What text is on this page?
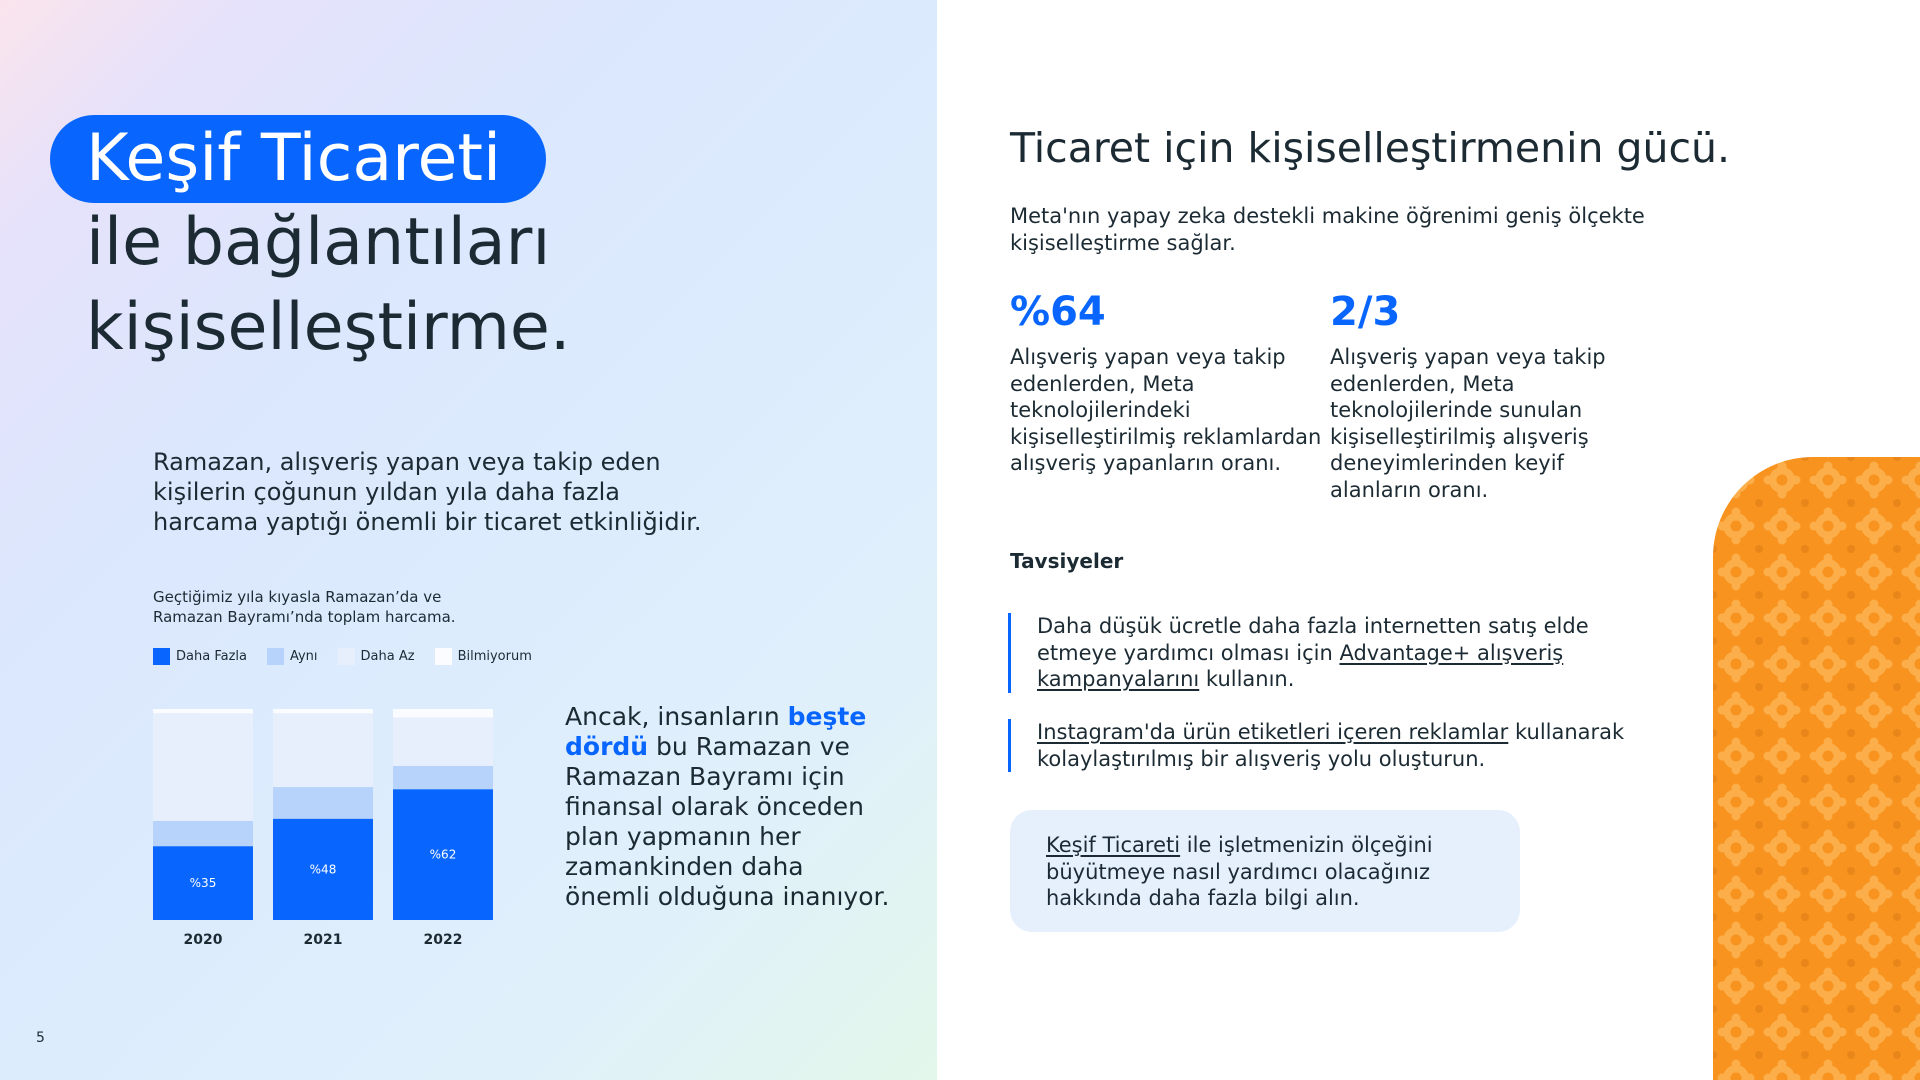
Keşif Ticareti
ile bağlantıları
kişiselleştirme.
Ramazan, alışveriş yapan veya takip eden kişilerin çoğunun yıldan yıla daha fazla harcama yaptığı önemli bir ticaret etkinliğidir.
Geçtiğimiz yıla kıyasla Ramazan’da ve Ramazan Bayramı’nda toplam harcama.
Daha Fazla	Aynı	Daha Az	Bilmiyorum
%35
2020
%48
2021
%62
2022
Ancak, insanların beşte dördü bu Ramazan ve Ramazan Bayramı için finansal olarak önceden plan yapmanın her zamankinden daha önemli olduğuna inanıyor.
5
Ticaret için kişiselleştirmenin gücü.
Meta'nın yapay zeka destekli makine öğrenimi geniş ölçekte kişiselleştirme sağlar.
%64
Alışveriş yapan veya takip edenlerden, Meta teknolojilerindeki kişiselleştirilmiş reklamlardan alışveriş yapanların oranı.
2/3
Alışveriş yapan veya takip edenlerden, Meta teknolojilerinde sunulan kişiselleştirilmiş alışveriş deneyimlerinden keyif alanların oranı.
Tavsiyeler
Daha düşük ücretle daha fazla internetten satış elde etmeye yardımcı olması için Advantage+ alışveriş kampanyalarını kullanın.
Instagram'da ürün etiketleri içeren reklamlar kullanarak kolaylaştırılmış bir alışveriş yolu oluşturun.
Keşif Ticareti ile işletmenizin ölçeğini büyütmeye nasıl yardımcı olacağınız hakkında daha fazla bilgi alın.
